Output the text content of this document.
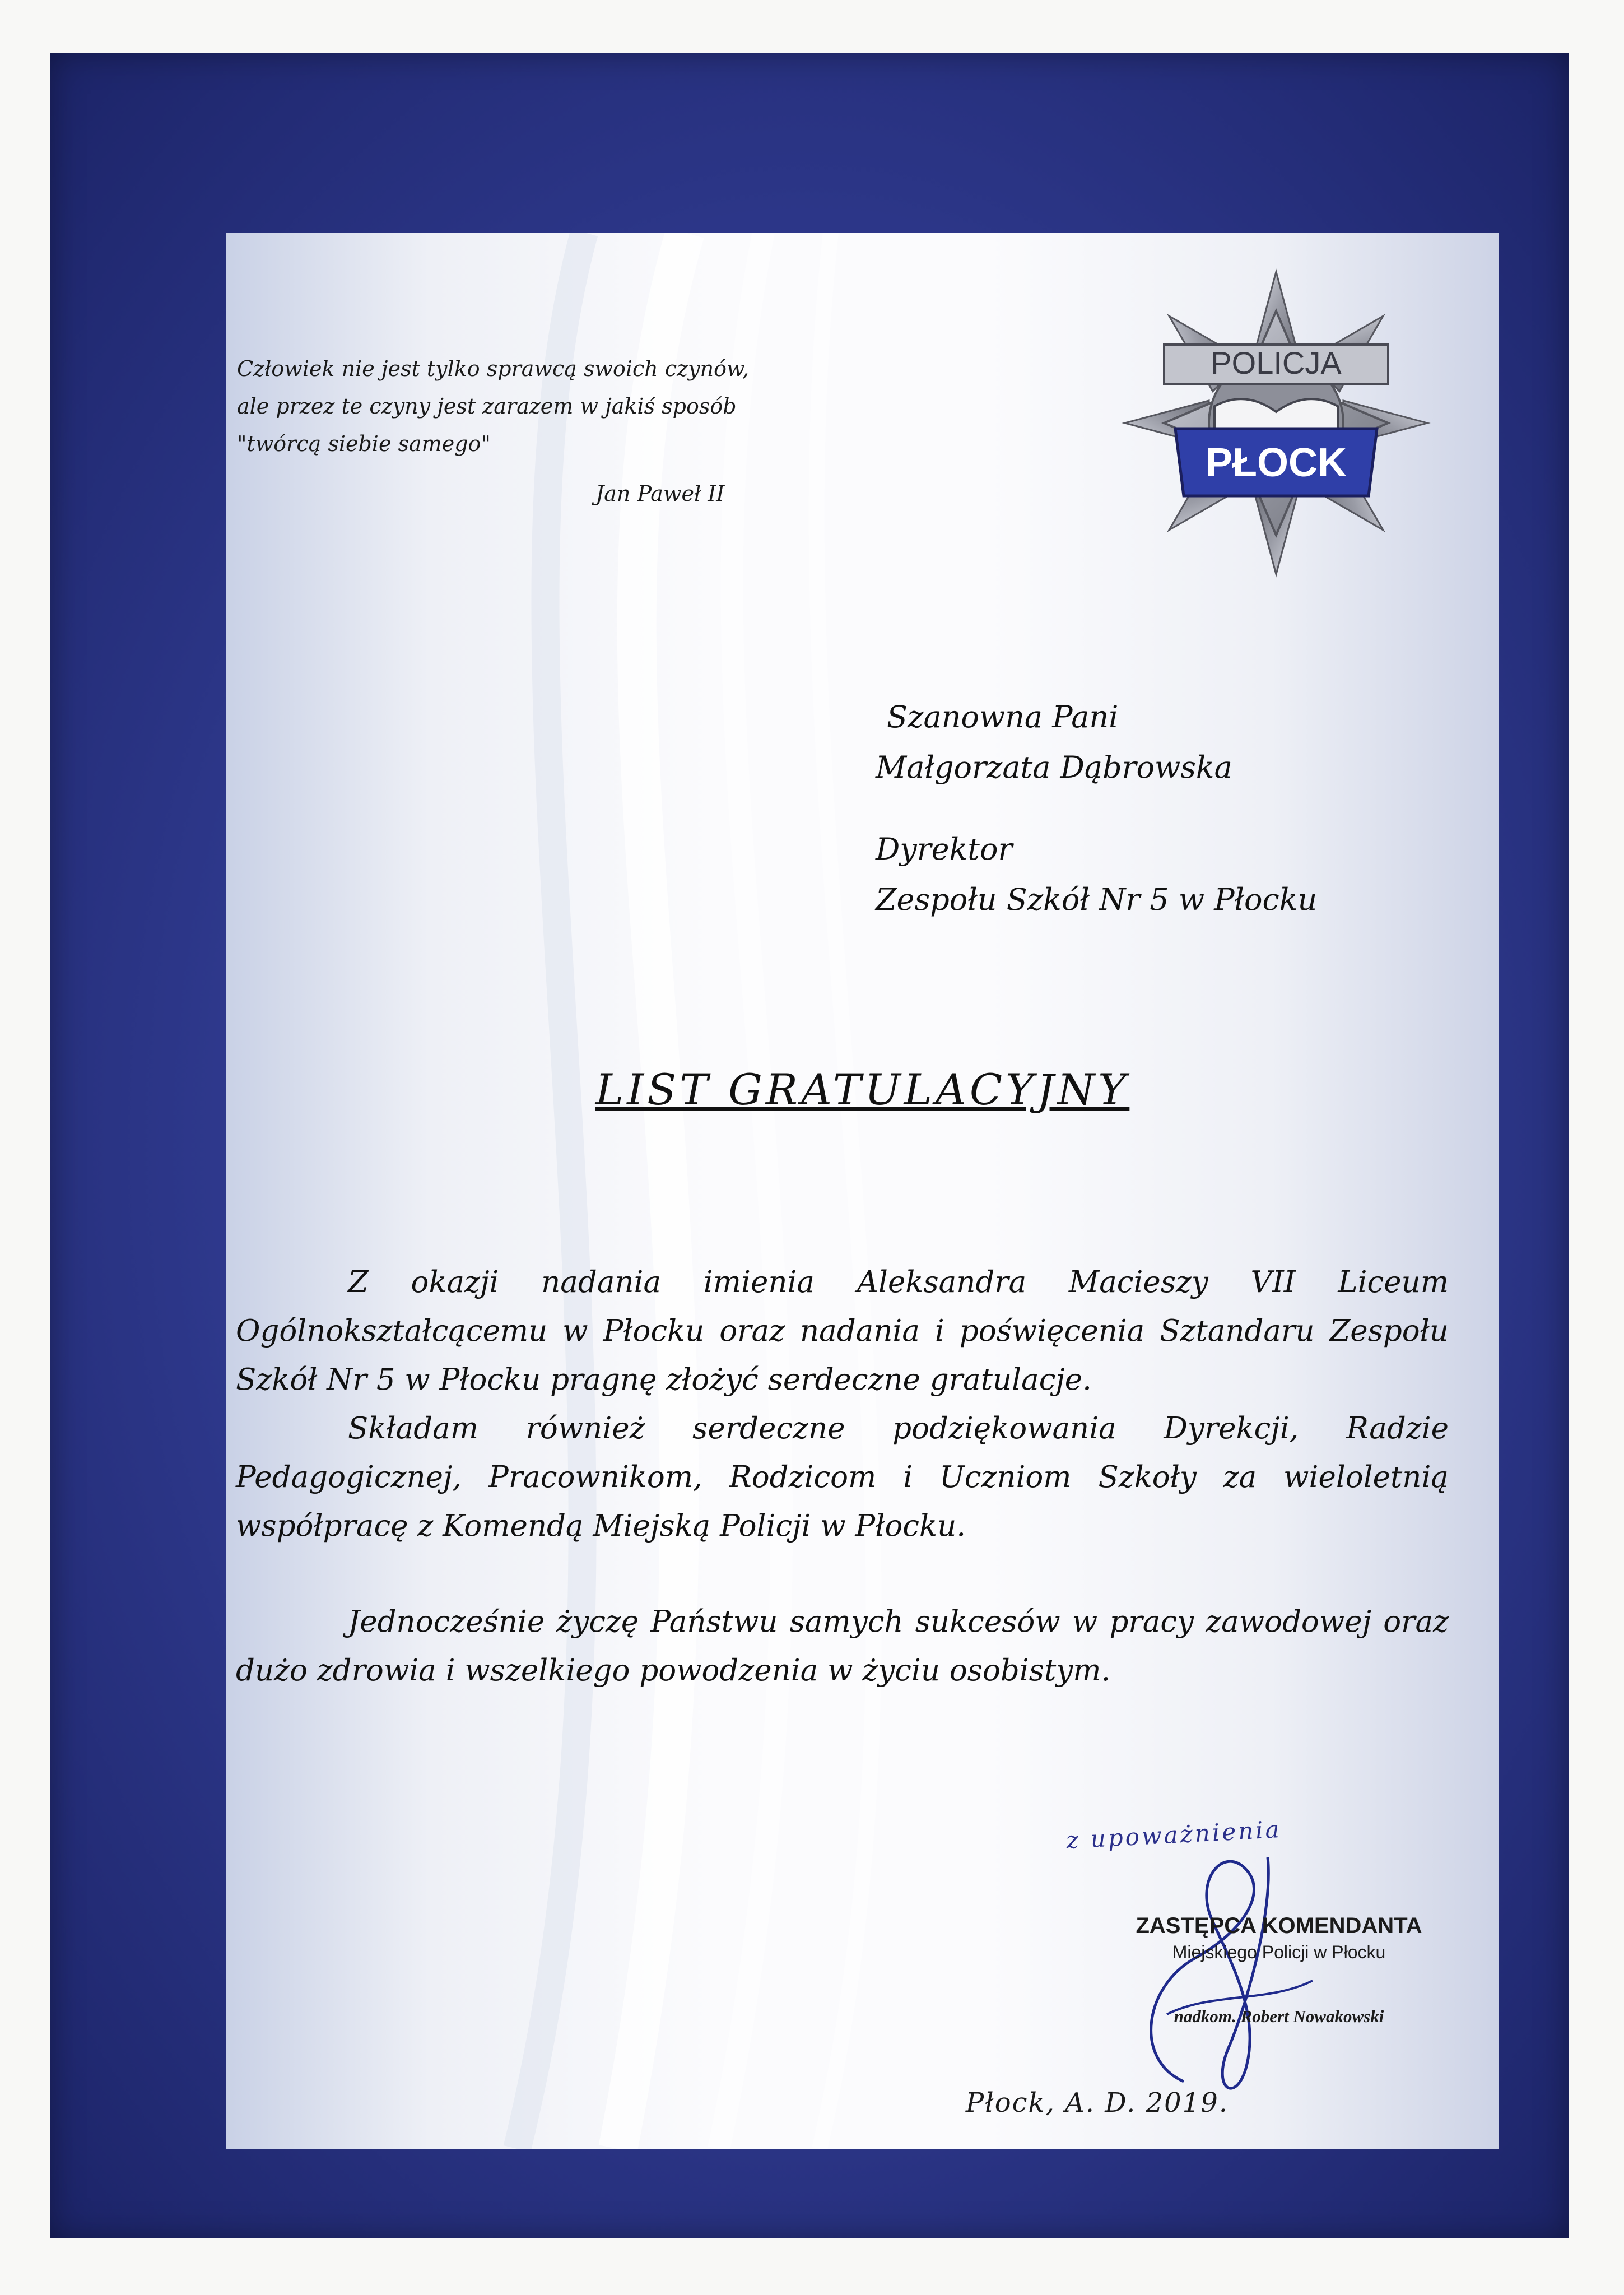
Człowiek nie jest tylko sprawcą swoich czynów,
ale przez te czyny jest zarazem w jakiś sposób
"twórcą siebie samego"
Jan Paweł II
POLICJA
PŁOCK
Szanowna Pani
Małgorzata Dąbrowska
Dyrektor
Zespołu Szkół Nr 5 w Płocku
LIST GRATULACYJNY

Z okazji nadania imienia Aleksandra Macieszy VII Liceum Ogólnokształcącemu w Płocku oraz nadania i poświęcenia Sztandaru Zespołu Szkół Nr 5 w Płocku pragnę złożyć serdeczne gratulacje.

Składam również serdeczne podziękowania Dyrekcji, Radzie Pedagogicznej, Pracownikom, Rodzicom i Uczniom Szkoły za wieloletnią współpracę z Komendą Miejską Policji w Płocku.

Jednocześnie życzę Państwu samych sukcesów w pracy zawodowej oraz dużo zdrowia i wszelkiego powodzenia w życiu osobistym.

z upoważnienia
ZASTĘPCA KOMENDANTA
Miejskiego Policji w Płocku
nadkom. Robert Nowakowski
Płock, A. D. 2019.
